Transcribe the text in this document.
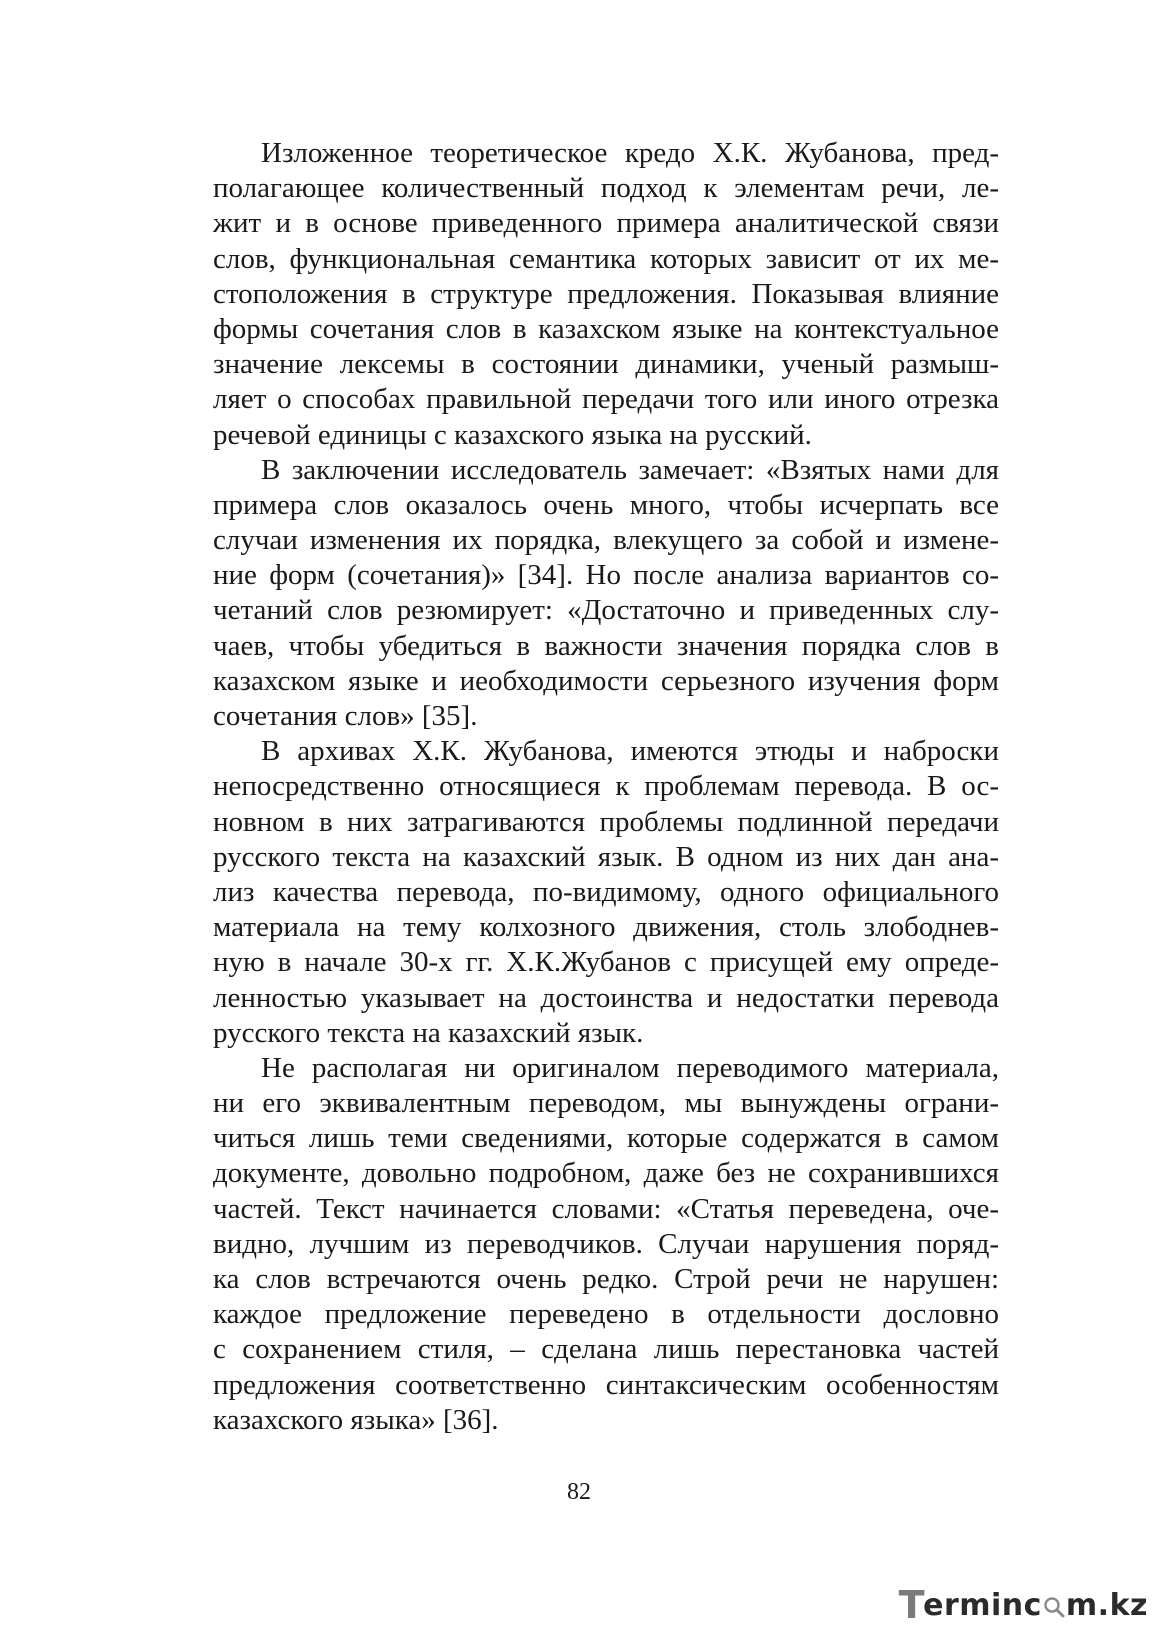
Изложенное теоретическое кредо Х.К. Жубанова, пред-
полагающее количественный подход к элементам речи, ле-
жит и в основе приведенного примера аналитической связи
слов, функциональная семантика которых зависит от их ме-
стоположения в структуре предложения. Показывая влияние
формы сочетания слов в казахском языке на контекстуальное
значение лексемы в состоянии динамики, ученый размыш-
ляет о способах правильной передачи того или иного отрезка
речевой единицы с казахского языка на русский.
В заключении исследователь замечает: «Взятых нами для
примера слов оказалось очень много, чтобы исчерпать все
случаи изменения их порядка, влекущего за собой и измене-
ние форм (сочетания)» [34]. Но после анализа вариантов со-
четаний слов резюмирует: «Достаточно и приведенных слу-
чаев, чтобы убедиться в важности значения порядка слов в
казахском языке и иеобходимости серьезного изучения форм
сочетания слов» [35].
В архивах Х.К. Жубанова, имеются этюды и наброски
непосредственно относящиеся к проблемам перевода. В ос-
новном в них затрагиваются проблемы подлинной передачи
русского текста на казахский язык. В одном из них дан ана-
лиз качества перевода, по-видимому, одного официального
материала на тему колхозного движения, столь злободнев-
ную в начале 30-х гг. Х.К.Жубанов с присущей ему опреде-
ленностью указывает на достоинства и недостатки перевода
русского текста на казахский язык.
Не располагая ни оригиналом переводимого материала,
ни его эквивалентным переводом, мы вынуждены ограни-
читься лишь теми сведениями, которые содержатся в самом
документе, довольно подробном, даже без не сохранившихся
частей. Текст начинается словами: «Статья переведена, оче-
видно, лучшим из переводчиков. Случаи нарушения поряд-
ка слов встречаются очень редко. Строй речи не нарушен:
каждое предложение переведено в отдельности дословно
с сохранением стиля, – сделана лишь перестановка частей
предложения соответственно синтаксическим особенностям
казахского языка» [36].
82
T
erminc m.kz
